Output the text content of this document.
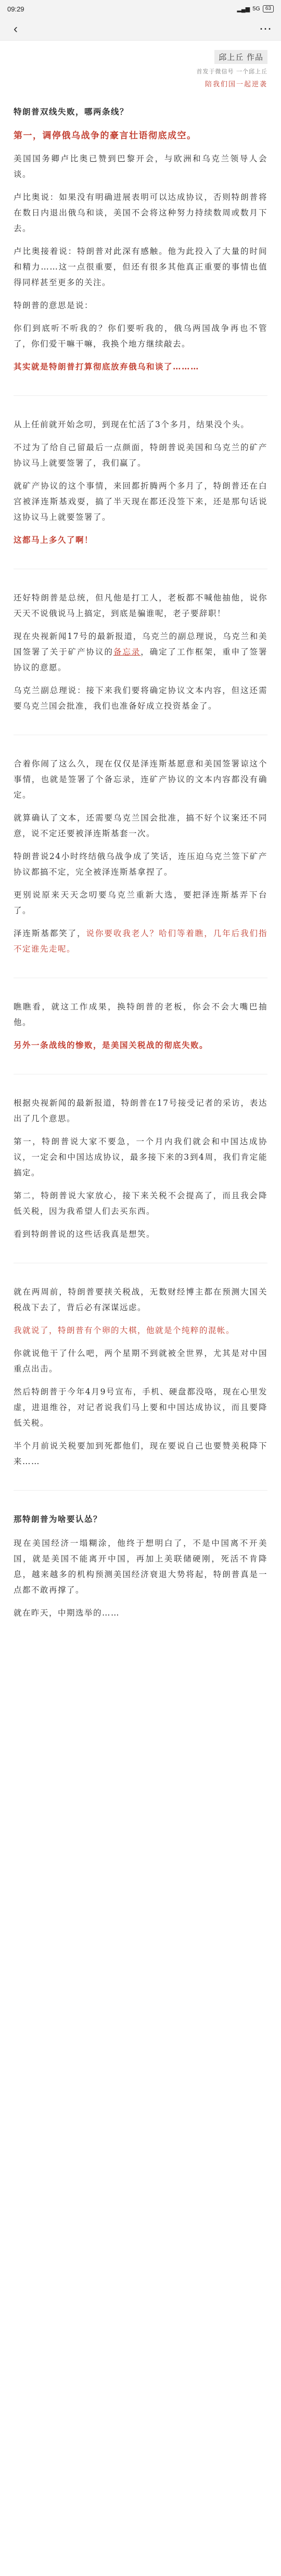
09:29	▂▄▆ 5G	63
‹	⋯
邱上丘 作品
首发于微信号 一个邱上丘
陪我们国一起逆袭

特朗普双线失败，哪两条线？

第一，调停俄乌战争的豪言壮语彻底成空。

美国国务卿卢比奥已赞到巴黎开会，与欧洲和乌克兰领导人会谈。

卢比奥说：如果没有明确进展表明可以达成协议，否则特朗普将在数日内退出俄乌和谈，美国不会将这种努力持续数周或数月下去。

卢比奥接着说：特朗普对此深有感触。他为此投入了大量的时间和精力……这一点很重要，但还有很多其他真正重要的事情也值得同样甚至更多的关注。

特朗普的意思是说：

你们到底听不听我的？你们要听我的，俄乌两国战争再也不管了，你们爱干嘛干嘛，我换个地方继续敲去。

其实就是特朗普打算彻底放弃俄乌和谈了………

从上任前就开始念叨，到现在忙活了3个多月，结果没个头。

不过为了给自己留最后一点颜面，特朗普说美国和乌克兰的矿产协议马上就要签署了，我们赢了。

就矿产协议的这个事情，来回都折腾两个多月了，特朗普还在白宫被泽连斯基戏耍，搞了半天现在都还没签下来，还是那句话说这协议马上就要签署了。

这都马上多久了啊！

还好特朗普是总统，但凡他是打工人，老板都不喊他抽他，说你天天不说俄说马上搞定，到底是骗谁呢，老子要辞职！

现在央视新闻17号的最新报道，乌克兰的副总理说，乌克兰和美国签署了关于矿产协议的备忘录，确定了工作框架，重申了签署协议的意愿。

乌克兰副总理说：接下来我们要将确定协议文本内容，但这还需要乌克兰国会批准，我们也准备好成立投资基金了。

合着你闹了这么久，现在仅仅是泽连斯基愿意和美国签署谅这个事情，也就是签署了个备忘录，连矿产协议的文本内容都没有确定。

就算确认了文本，还需要乌克兰国会批准，搞不好个议案还不同意，说不定还要被泽连斯基套一次。

特朗普说24小时终结俄乌战争成了笑话，连压迫乌克兰签下矿产协议都搞不定，完全被泽连斯基拿捏了。

更别说原来天天念叨要乌克兰重新大选，要把泽连斯基弄下台了。

泽连斯基都笑了，说你要收我老人？哈们等着瞧，几年后我们指不定谁先走呢。

瞧瞧看，就这工作成果，换特朗普的老板，你会不会大嘴巴抽他。

另外一条战线的惨败，是美国关税战的彻底失败。

根据央视新闻的最新报道，特朗普在17号接受记者的采访，表达出了几个意思。

第一，特朗普说大家不要急，一个月内我们就会和中国达成协议，一定会和中国达成协议，最多接下来的3到4周，我们肯定能搞定。

第二，特朗普说大家放心，接下来关税不会提高了，而且我会降低关税，因为我希望人们去买东西。

看到特朗普说的这些话我真是想笑。

就在两周前，特朗普要挟关税战，无数财经博主都在预测大国关税战下去了，背后必有深谋远虑。

我就说了，特朗普有个卵的大棋，他就是个纯粹的混帐。

你就说他干了什么吧，两个星期不到就被全世界，尤其是对中国重点出击。

然后特朗普于今年4月9号宣布，手机、硬盘都没咯，现在心里发虚，进退维谷，对记者说我们马上要和中国达成协议，而且要降低关税。

半个月前说关税要加到死都他们，现在要说自己也要赞美税降下来……

那特朗普为啥要认怂？

现在美国经济一塌糊涂，他终于想明白了，不是中国离不开美国，就是美国不能离开中国，再加上美联储硬刚，死活不肯降息，越来越多的机构预测美国经济衰退大势将起，特朗普真是一点都不敢再撑了。

就在昨天，中期选举的……
